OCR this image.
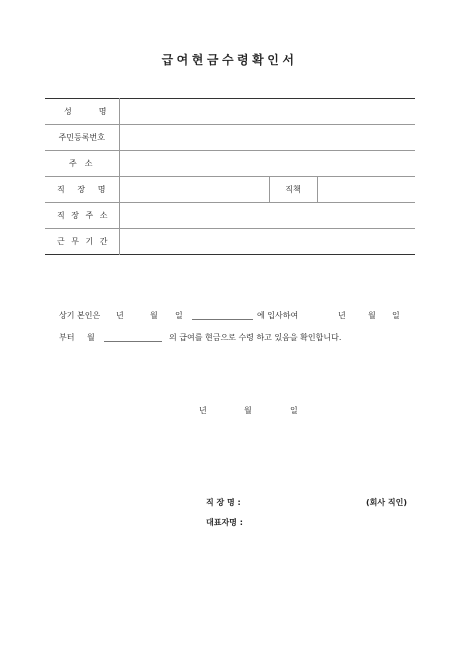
급여현금수령확인서
성 명			

주민등록번호			

주 소			

직 장 명		직책	

직 장 주 소			

근 무 기 간			

상기 본인은 년	월 일	에 입사하여	년	월 일
부터 월	의 급여를 현금으로 수령 하고 있음을 확인합니다.
년	월	일
직 장 명 :	(회사 직인)
대표자명 :
